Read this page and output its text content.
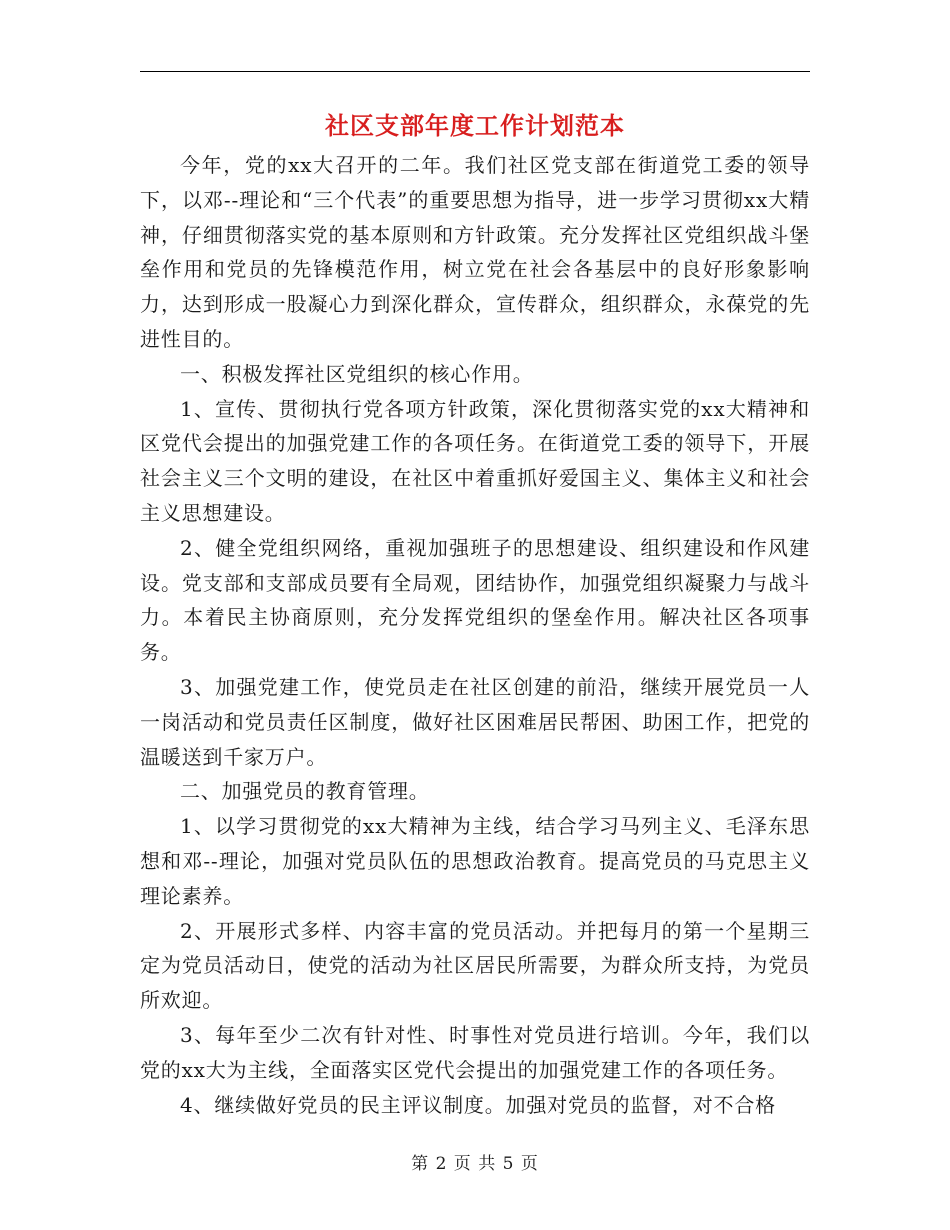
社区支部年度工作计划范本

今年，党的xx大召开的二年。我们社区党支部在街道党工委的领导下，以邓--理论和“三个代表”的重要思想为指导，进一步学习贯彻xx大精神，仔细贯彻落实党的基本原则和方针政策。充分发挥社区党组织战斗堡垒作用和党员的先锋模范作用，树立党在社会各基层中的良好形象影响力，达到形成一股凝心力到深化群众，宣传群众，组织群众，永葆党的先进性目的。

一、积极发挥社区党组织的核心作用。

1、宣传、贯彻执行党各项方针政策，深化贯彻落实党的xx大精神和区党代会提出的加强党建工作的各项任务。在街道党工委的领导下，开展社会主义三个文明的建设，在社区中着重抓好爱国主义、集体主义和社会主义思想建设。

2、健全党组织网络，重视加强班子的思想建设、组织建设和作风建设。党支部和支部成员要有全局观，团结协作，加强党组织凝聚力与战斗力。本着民主协商原则，充分发挥党组织的堡垒作用。解决社区各项事务。

3、加强党建工作，使党员走在社区创建的前沿，继续开展党员一人一岗活动和党员责任区制度，做好社区困难居民帮困、助困工作，把党的温暖送到千家万户。

二、加强党员的教育管理。

1、以学习贯彻党的xx大精神为主线，结合学习马列主义、毛泽东思想和邓--理论，加强对党员队伍的思想政治教育。提高党员的马克思主义理论素养。

2、开展形式多样、内容丰富的党员活动。并把每月的第一个星期三定为党员活动日，使党的活动为社区居民所需要，为群众所支持，为党员所欢迎。

3、每年至少二次有针对性、时事性对党员进行培训。今年，我们以党的xx大为主线，全面落实区党代会提出的加强党建工作的各项任务。

4、继续做好党员的民主评议制度。加强对党员的监督，对不合格

第 2 页 共 5 页
